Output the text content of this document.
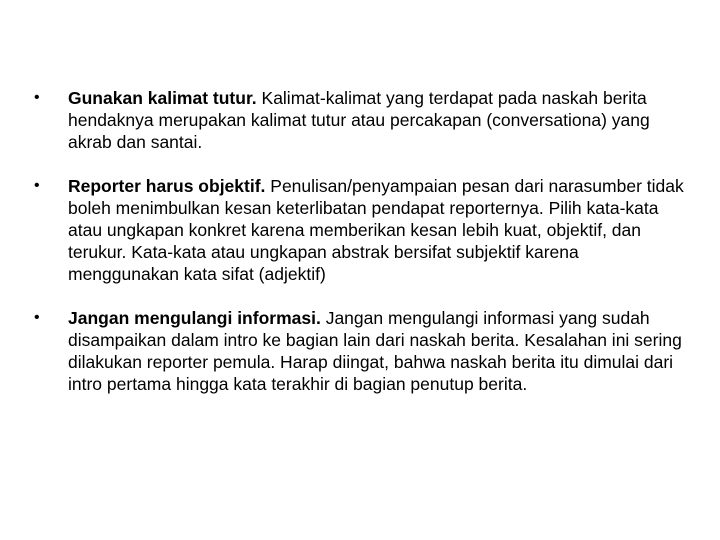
• Gunakan kalimat tutur. Kalimat-kalimat yang terdapat pada naskah berita hendaknya merupakan kalimat tutur atau percakapan (conversationa) yang akrab dan santai.
• Reporter harus objektif. Penulisan/penyampaian pesan dari narasumber tidak boleh menimbulkan kesan keterlibatan pendapat reporternya. Pilih kata-kata atau ungkapan konkret karena memberikan kesan lebih kuat, objektif, dan terukur. Kata-kata atau ungkapan abstrak bersifat subjektif karena menggunakan kata sifat (adjektif)
• Jangan mengulangi informasi. Jangan mengulangi informasi yang sudah disampaikan dalam intro ke bagian lain dari naskah berita. Kesalahan ini sering dilakukan reporter pemula. Harap diingat, bahwa naskah berita itu dimulai dari intro pertama hingga kata terakhir di bagian penutup berita.
